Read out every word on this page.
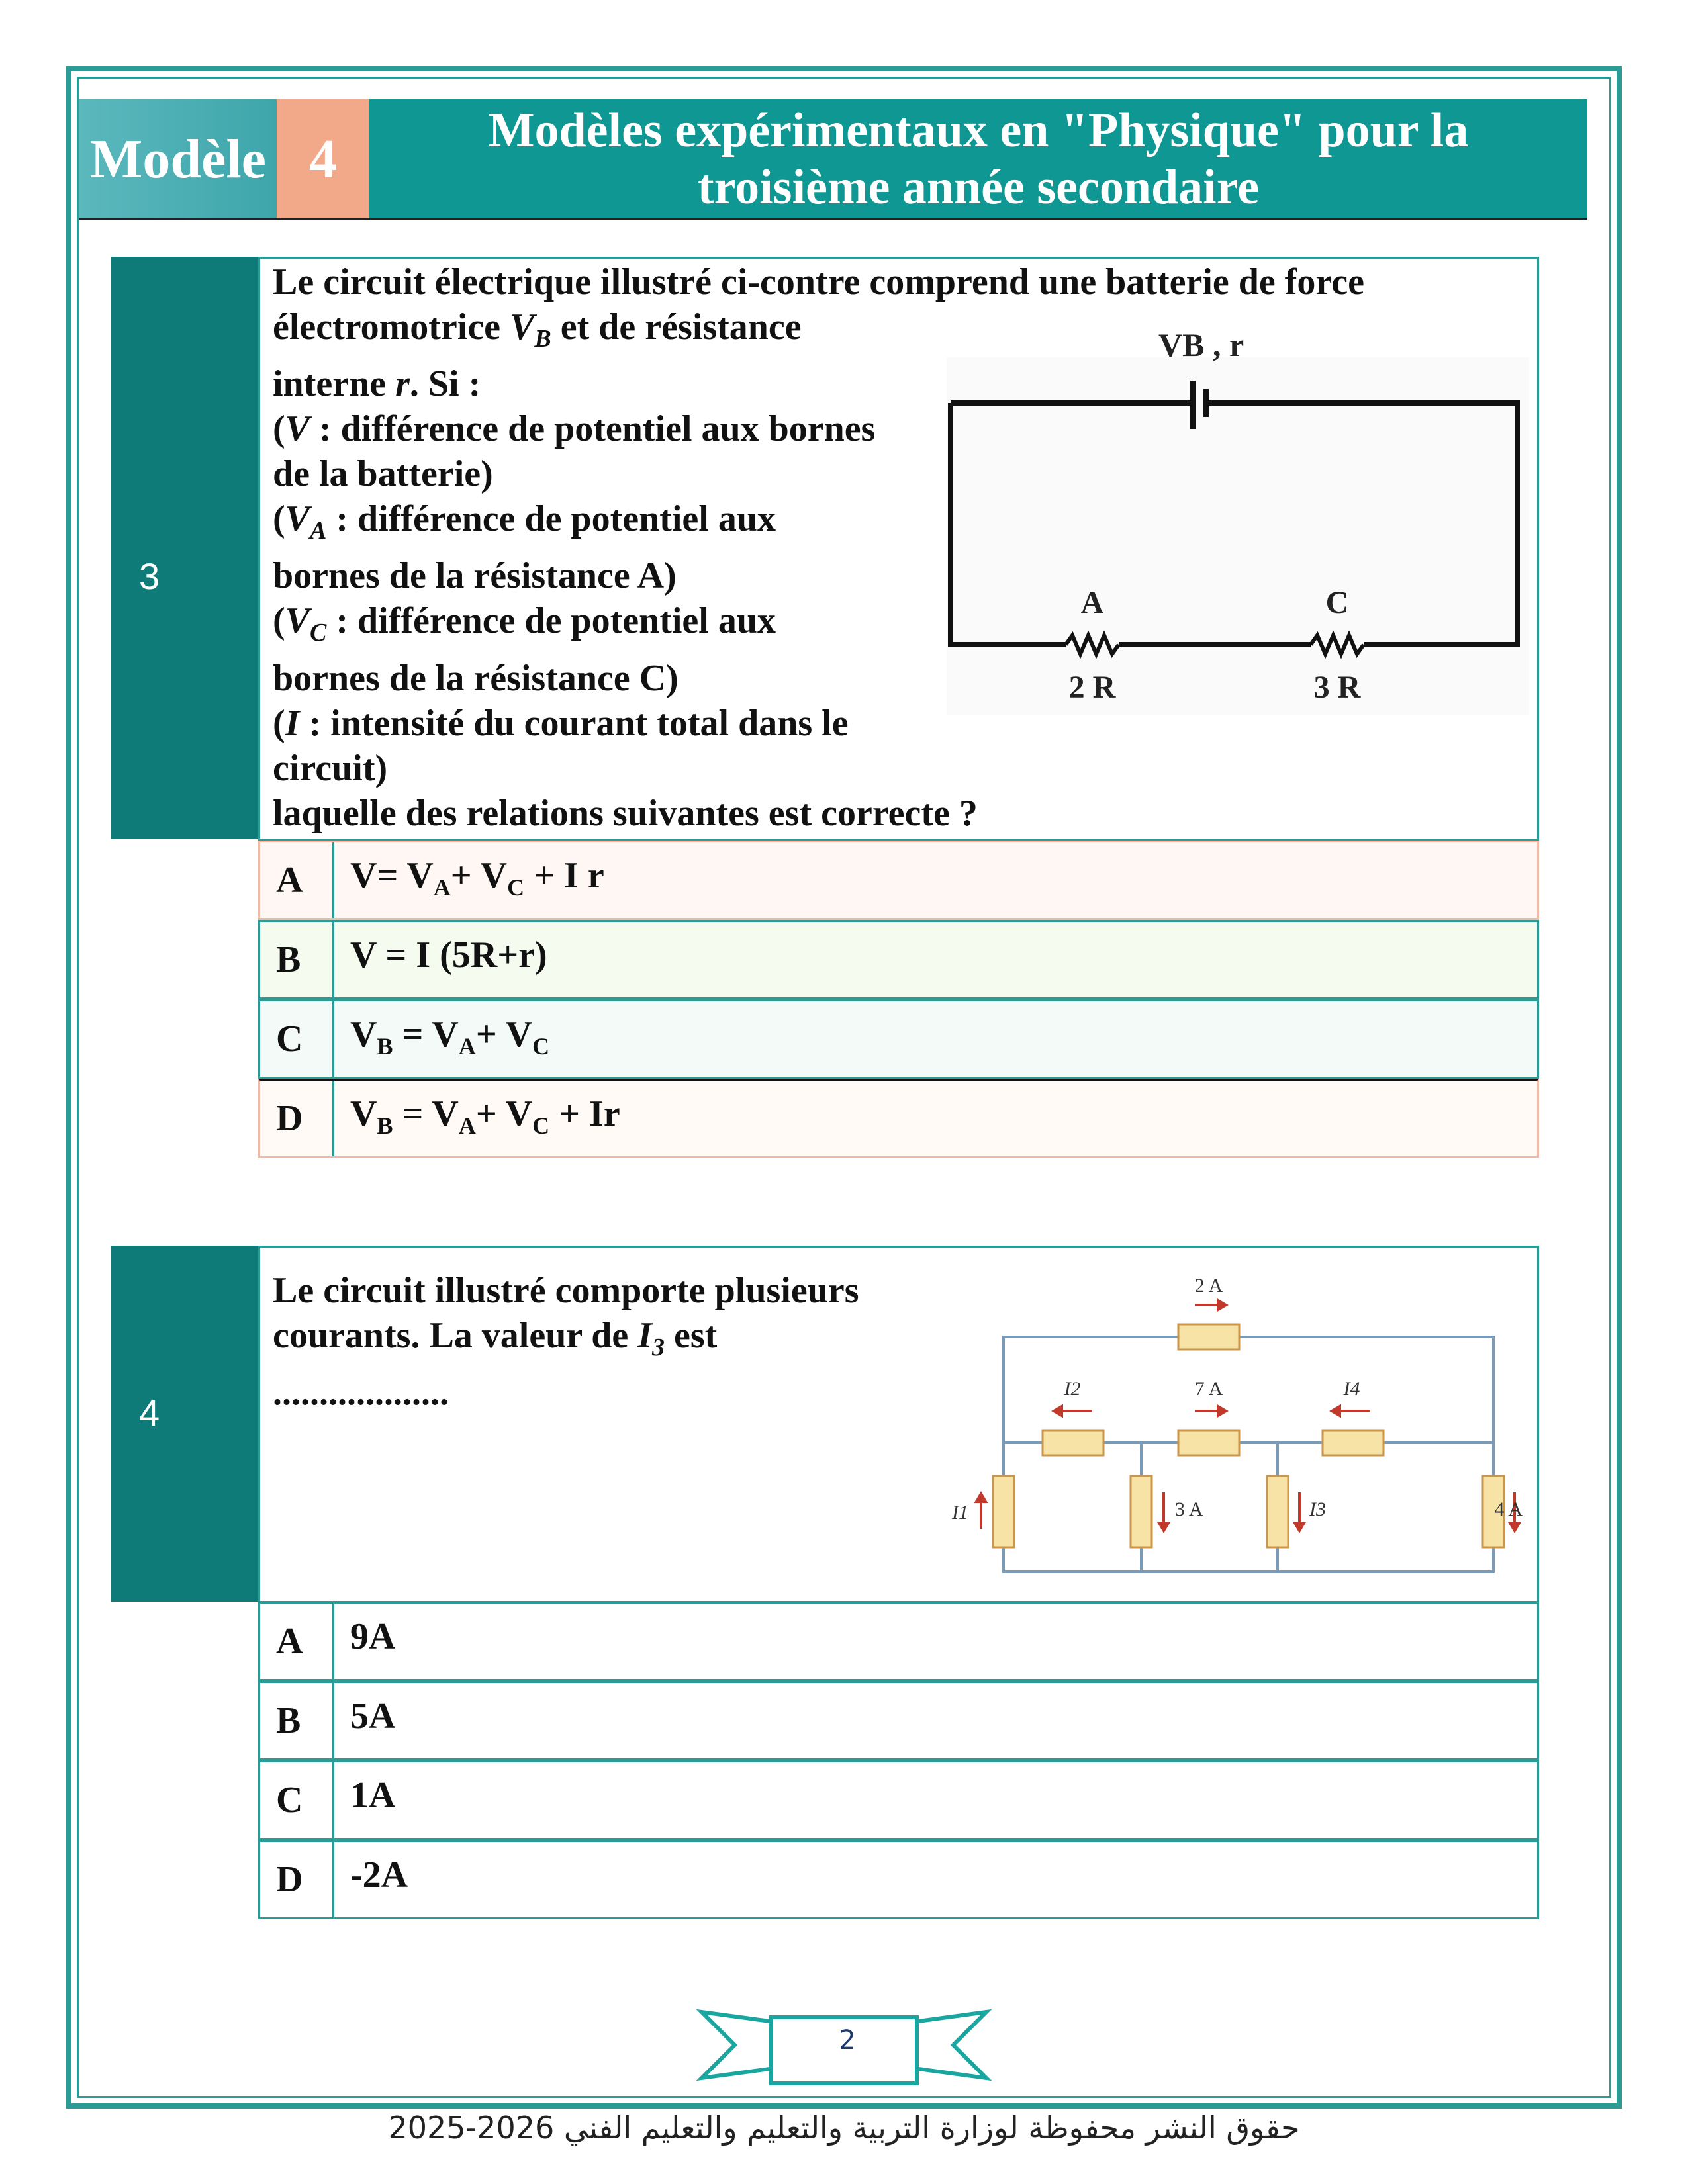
Modèle 4	Modèles expérimentaux en "Physique" pour la
troisième année secondaire
3
Le circuit électrique illustré ci-contre comprend une batterie de force
électromotrice $V_B$ et de résistance
interne r. Si :
(V : différence de potentiel aux bornes
de la batterie)
($V_A$ : différence de potentiel aux
bornes de la résistance A)
($V_C$ : différence de potentiel aux
bornes de la résistance C)
(I : intensité du courant total dans le
circuit)
laquelle des relations suivantes est correcte ?
VB , r
A
2 R
C
3 R
A	$V= V_A+ V_C + I$ r
B	V = I (5R+r)
C	$V_B = V_A+ V_C$
D	$V_B = V_A+ V_C + Ir$
4
Le circuit illustré comporte plusieurs
courants. La valeur de $I_3$ est
...................
2 A
I2	7 A	I4
I1	3 A	I3	4 A
A	9A
B	5A
C	1A
D	-2A
2
حقوق النشر محفوظة لوزارة التربية والتعليم والتعليم الفني 2026-2025
